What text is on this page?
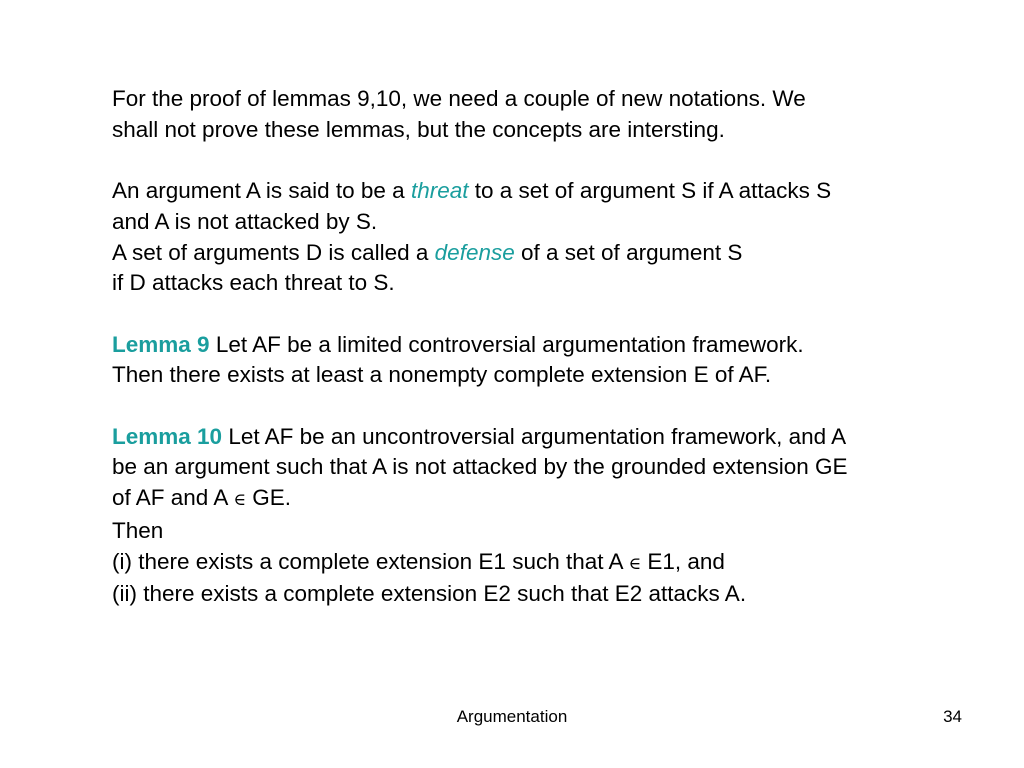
For the proof of lemmas 9,10, we need a couple of new notations. We
shall not prove these lemmas, but the concepts are intersting.
An argument A is said to be a threat to a set of argument S if A attacks S
and A is not attacked by S.
A set of arguments D is called a defense of a set of argument S
if D attacks each threat to S.
Lemma 9 Let AF be a limited controversial argumentation framework.
Then there exists at least a nonempty complete extension E of AF.
Lemma 10 Let AF be an uncontroversial argumentation framework, and A
be an argument such that A is not attacked by the grounded extension GE
of AF and A ∈ GE.
Then
(i) there exists a complete extension E1 such that A ∈ E1, and
(ii) there exists a complete extension E2 such that E2 attacks A.
Argumentation	34
